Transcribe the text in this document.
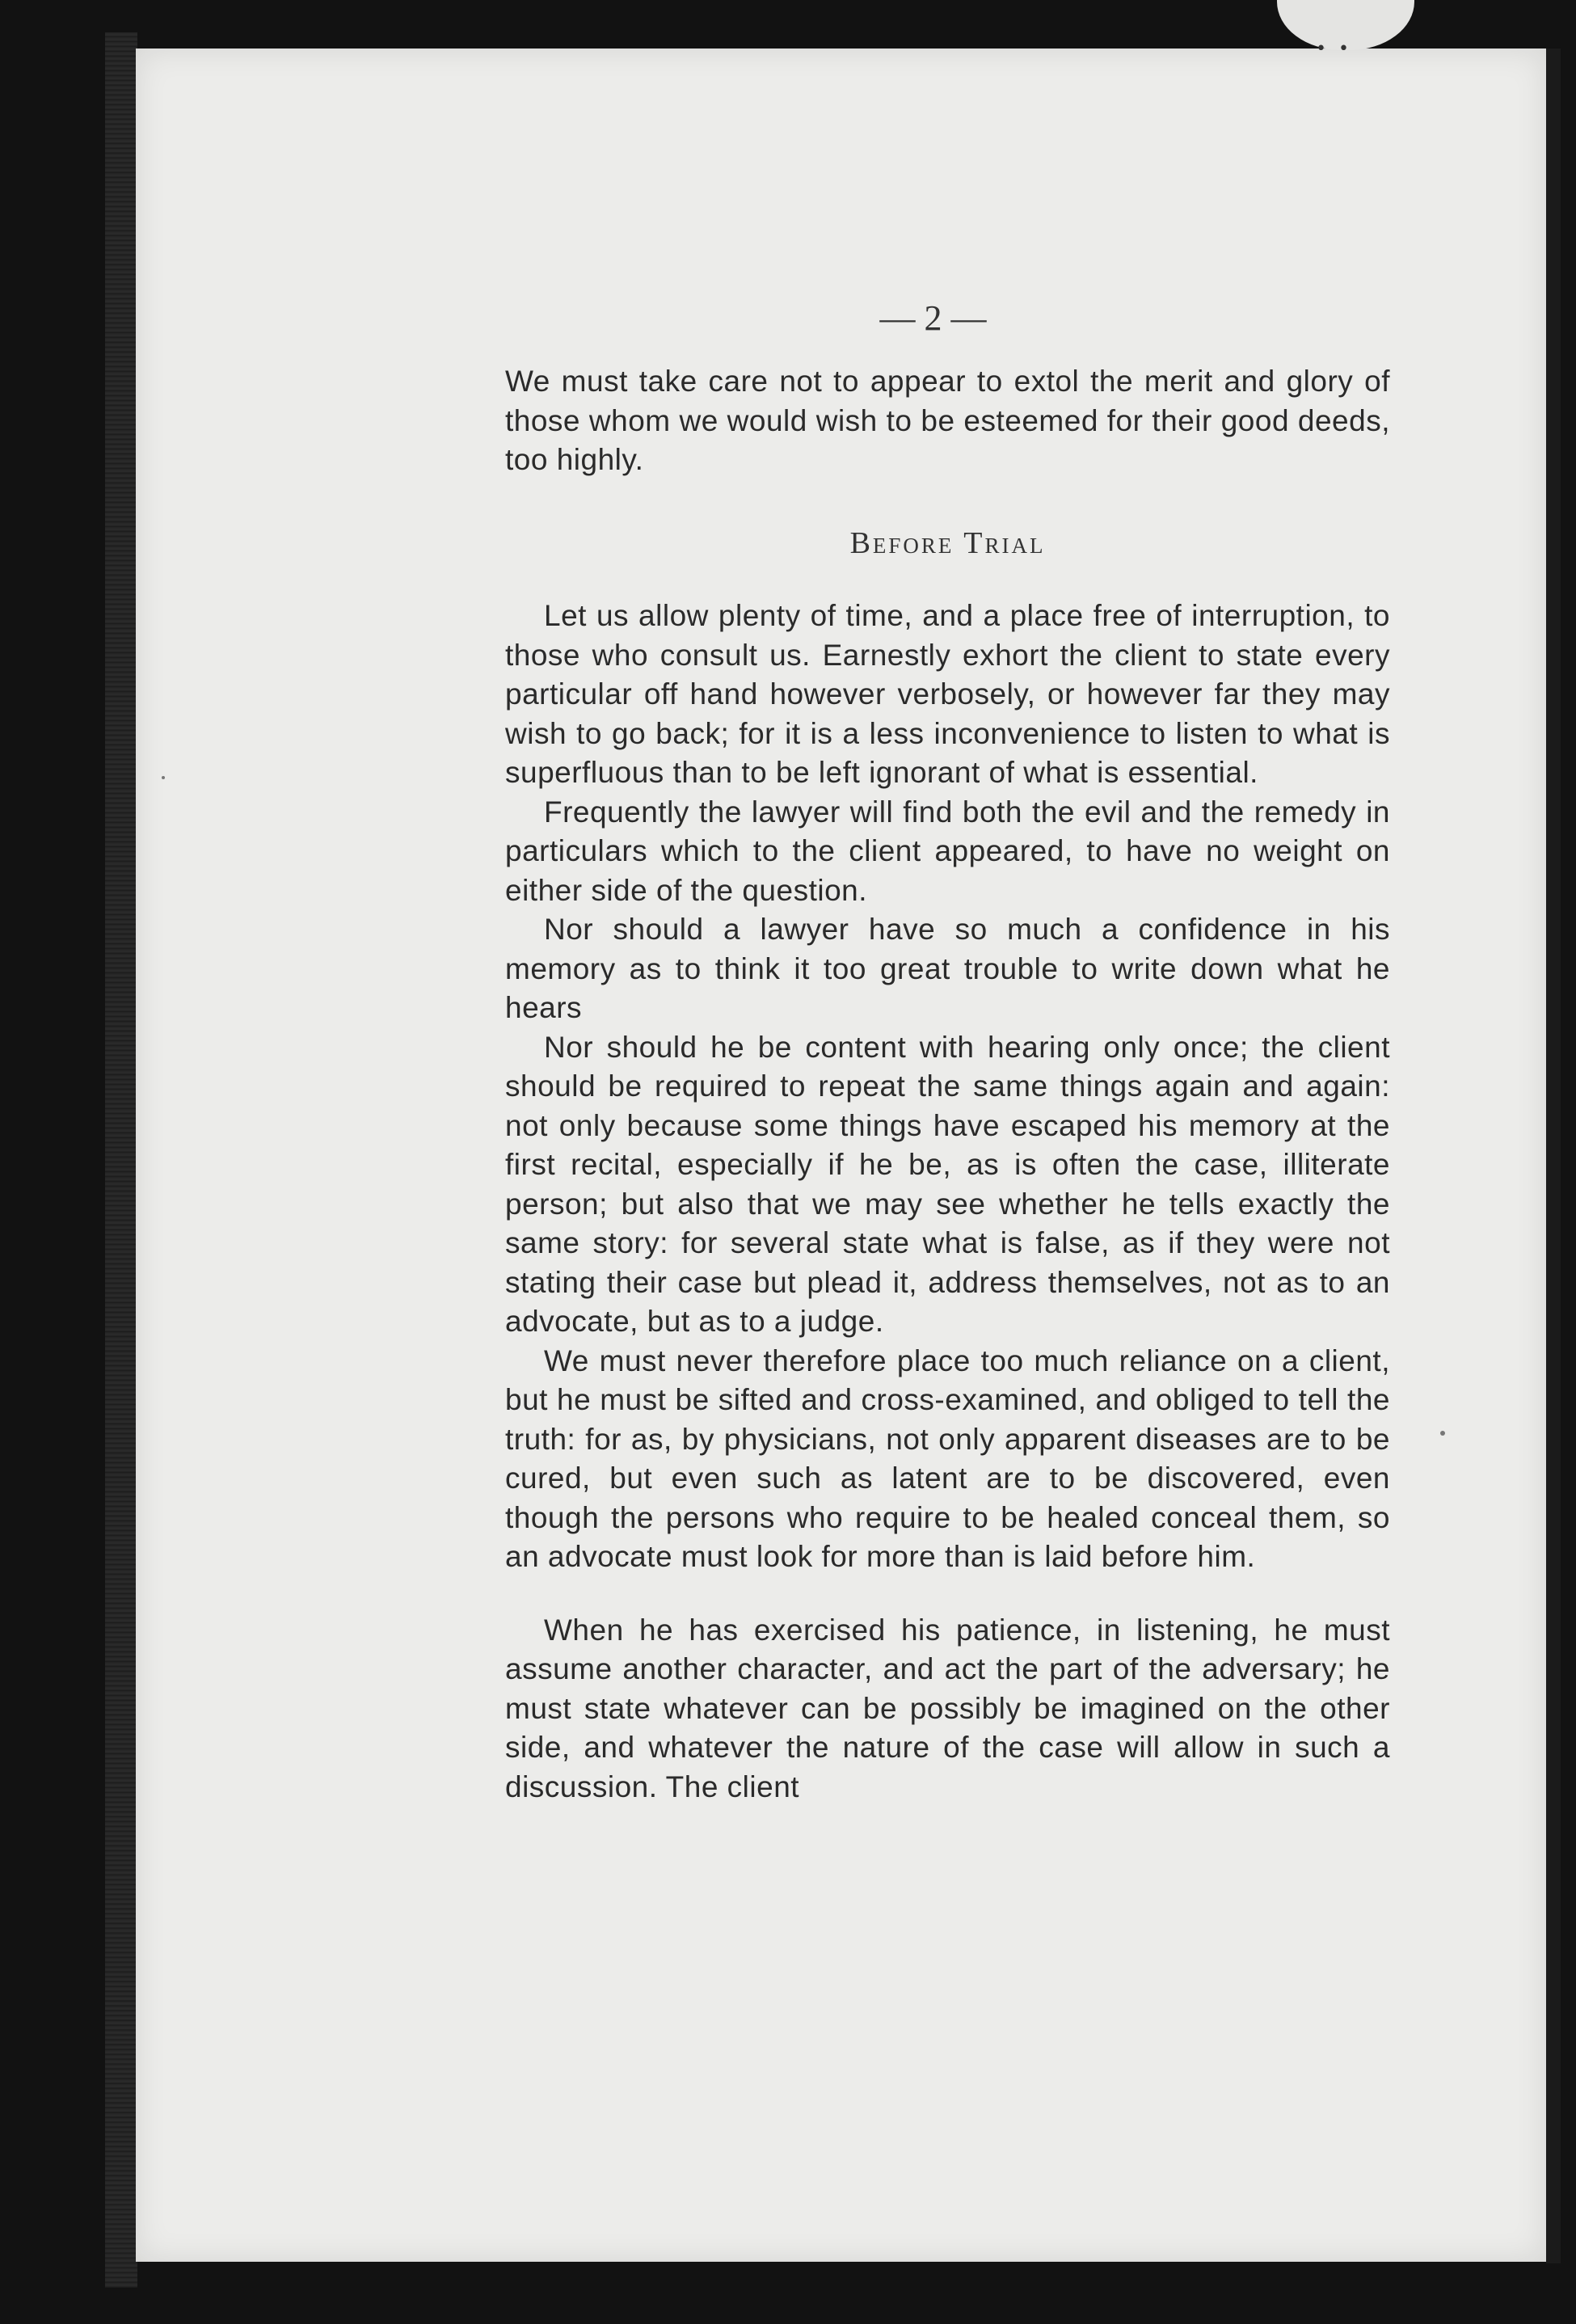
• •
— 2 —

We must take care not to appear to extol the merit and glory of those whom we would wish to be esteemed for their good deeds, too highly.

Before Trial

Let us allow plenty of time, and a place free of interruption, to those who consult us. Earnestly exhort the client to state every particular off hand however verbosely, or however far they may wish to go back; for it is a less inconvenience to listen to what is superfluous than to be left ignorant of what is essential.

Frequently the lawyer will find both the evil and the remedy in particulars which to the client appeared, to have no weight on either side of the question.

Nor should a lawyer have so much a confidence in his memory as to think it too great trouble to write down what he hears

Nor should he be content with hearing only once; the client should be required to repeat the same things again and again: not only because some things have escaped his memory at the first recital, especially if he be, as is often the case, illiterate person; but also that we may see whether he tells exactly the same story: for several state what is false, as if they were not stating their case but plead it, address themselves, not as to an advocate, but as to a judge.

We must never therefore place too much reliance on a client, but he must be sifted and cross-examined, and obliged to tell the truth: for as, by physicians, not only apparent diseases are to be cured, but even such as latent are to be discovered, even though the persons who require to be healed conceal them, so an advocate must look for more than is laid before him.

When he has exercised his patience, in listening, he must assume another character, and act the part of the adversary; he must state whatever can be possibly be imagined on the other side, and whatever the nature of the case will allow in such a discussion. The client
